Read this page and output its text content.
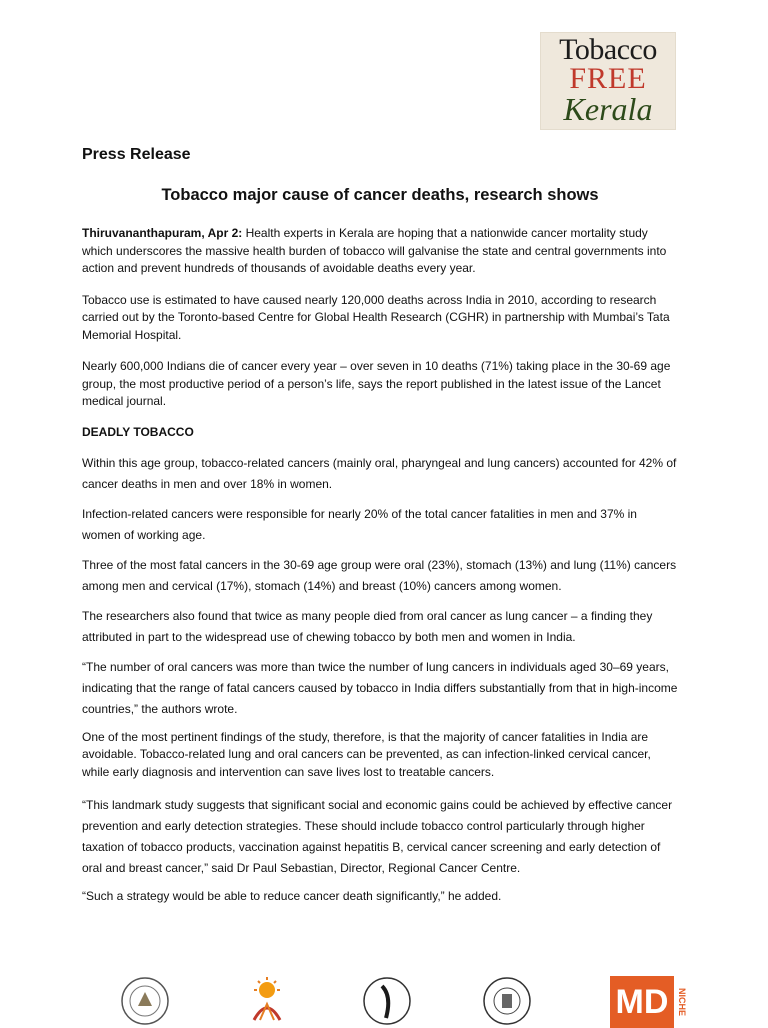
Tobacco
FREE
Kerala
Press Release
Tobacco major cause of cancer deaths, research shows

Thiruvananthapuram, Apr 2: Health experts in Kerala are hoping that a nationwide cancer mortality study which underscores the massive health burden of tobacco will galvanise the state and central governments into action and prevent hundreds of thousands of avoidable deaths every year.

Tobacco use is estimated to have caused nearly 120,000 deaths across India in 2010, according to research carried out by the Toronto-based Centre for Global Health Research (CGHR) in partnership with Mumbai’s Tata Memorial Hospital.

Nearly 600,000 Indians die of cancer every year – over seven in 10 deaths (71%) taking place in the 30-69 age group, the most productive period of a person’s life, says the report published in the latest issue of the Lancet medical journal.

DEADLY TOBACCO

Within this age group, tobacco-related cancers (mainly oral, pharyngeal and lung cancers) accounted for 42% of cancer deaths in men and over 18% in women.

Infection-related cancers were responsible for nearly 20% of the total cancer fatalities in men and 37% in women of working age.

Three of the most fatal cancers in the 30-69 age group were oral (23%), stomach (13%) and lung (11%) cancers among men and cervical (17%), stomach (14%) and breast (10%) cancers among women.

The researchers also found that twice as many people died from oral cancer as lung cancer – a finding they attributed in part to the widespread use of chewing tobacco by both men and women in India.

“The number of oral cancers was more than twice the number of lung cancers in individuals aged 30–69 years, indicating that the range of fatal cancers caused by tobacco in India differs substantially from that in high-income countries,” the authors wrote.

One of the most pertinent findings of the study, therefore, is that the majority of cancer fatalities in India are avoidable. Tobacco-related lung and oral cancers can be prevented, as can infection-linked cervical cancer, while early diagnosis and intervention can save lives lost to treatable cancers.

“This landmark study suggests that significant social and economic gains could be achieved by effective cancer prevention and early detection strategies. These should include tobacco control particularly through higher taxation of tobacco products, vaccination against hepatitis B, cervical cancer screening and early detection of oral and breast cancer,” said Dr Paul Sebastian, Director, Regional Cancer Centre.

“Such a strategy would be able to reduce cancer death significantly,” he added.

MD NICHE
